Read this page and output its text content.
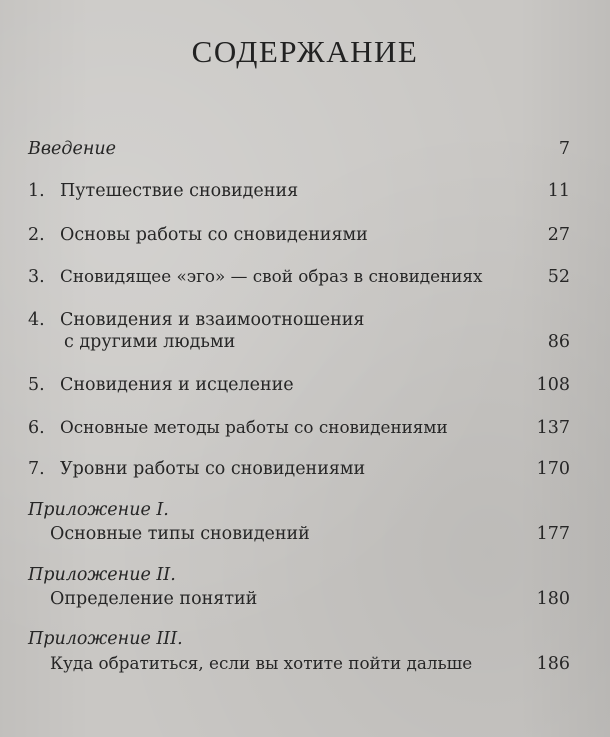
СОДЕРЖАНИЕ
Введение	7
1. Путешествие сновидения	11
2. Основы работы со сновидениями	27
3. Сновидящее «эго» — свой образ в сновидениях	52
4. Сновидения и взаимоотношения
с другими людьми	86
5. Сновидения и исцеление	108
6. Основные методы работы со сновидениями	137
7. Уровни работы со сновидениями	170
Приложение I.
Основные типы сновидений	177
Приложение II.
Определение понятий	180
Приложение III.
Куда обратиться, если вы хотите пойти дальше	186
